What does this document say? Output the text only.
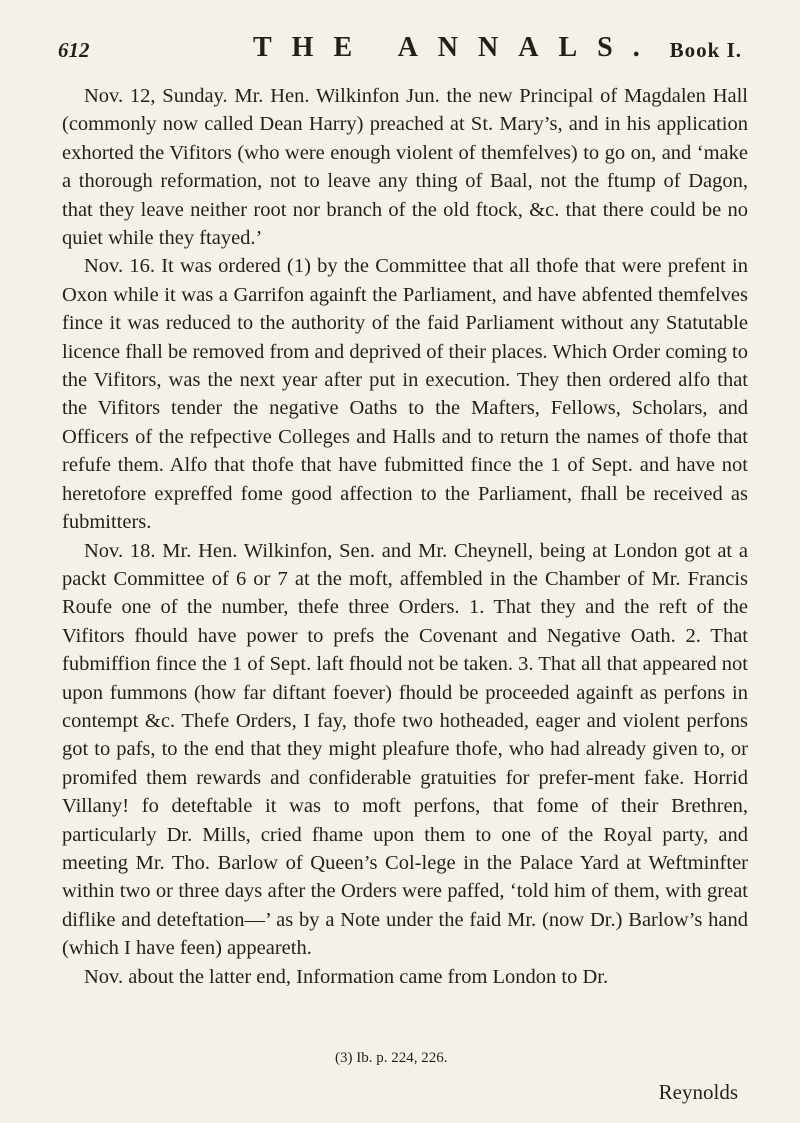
612	THE ANNALS. Book I.

Nov. 12, Sunday. Mr. Hen. Wilkinfon Jun. the new Principal of Magdalen Hall (commonly now called Dean Harry) preached at St. Mary’s, and in his application exhorted the Vifitors (who were enough violent of themfelves) to go on, and ‘make a thorough reformation, not to leave any thing of Baal, not the ftump of Dagon, that they leave neither root nor branch of the old ftock, &c. that there could be no quiet while they ftayed.’

Nov. 16. It was ordered (1) by the Committee that all thofe that were prefent in Oxon while it was a Garrifon againft the Parliament, and have abfented themfelves fince it was reduced to the authority of the faid Parliament without any Statutable licence fhall be removed from and deprived of their places. Which Order coming to the Vifitors, was the next year after put in execution. They then ordered alfo that the Vifitors tender the negative Oaths to the Mafters, Fellows, Scholars, and Officers of the refpective Colleges and Halls and to return the names of thofe that refufe them. Alfo that thofe that have fubmitted fince the 1 of Sept. and have not heretofore expreffed fome good affection to the Parliament, fhall be received as fubmitters.

Nov. 18. Mr. Hen. Wilkinfon, Sen. and Mr. Cheynell, being at London got at a packt Committee of 6 or 7 at the moft, affembled in the Chamber of Mr. Francis Roufe one of the number, thefe three Orders. 1. That they and the reft of the Vifitors fhould have power to prefs the Covenant and Negative Oath. 2. That fubmiffion fince the 1 of Sept. laft fhould not be taken. 3. That all that appeared not upon fummons (how far diftant foever) fhould be proceeded againft as perfons in contempt &c. Thefe Orders, I fay, thofe two hotheaded, eager and violent perfons got to pafs, to the end that they might pleafure thofe, who had already given to, or promifed them rewards and confiderable gratuities for prefer-ment fake. Horrid Villany! fo deteftable it was to moft perfons, that fome of their Brethren, particularly Dr. Mills, cried fhame upon them to one of the Royal party, and meeting Mr. Tho. Barlow of Queen’s Col-lege in the Palace Yard at Weftminfter within two or three days after the Orders were paffed, ‘told him of them, with great diflike and deteftation—’ as by a Note under the faid Mr. (now Dr.) Barlow’s hand (which I have feen) appeareth.

Nov. about the latter end, Information came from London to Dr.

(3) Ib. p. 224, 226.
Reynolds
